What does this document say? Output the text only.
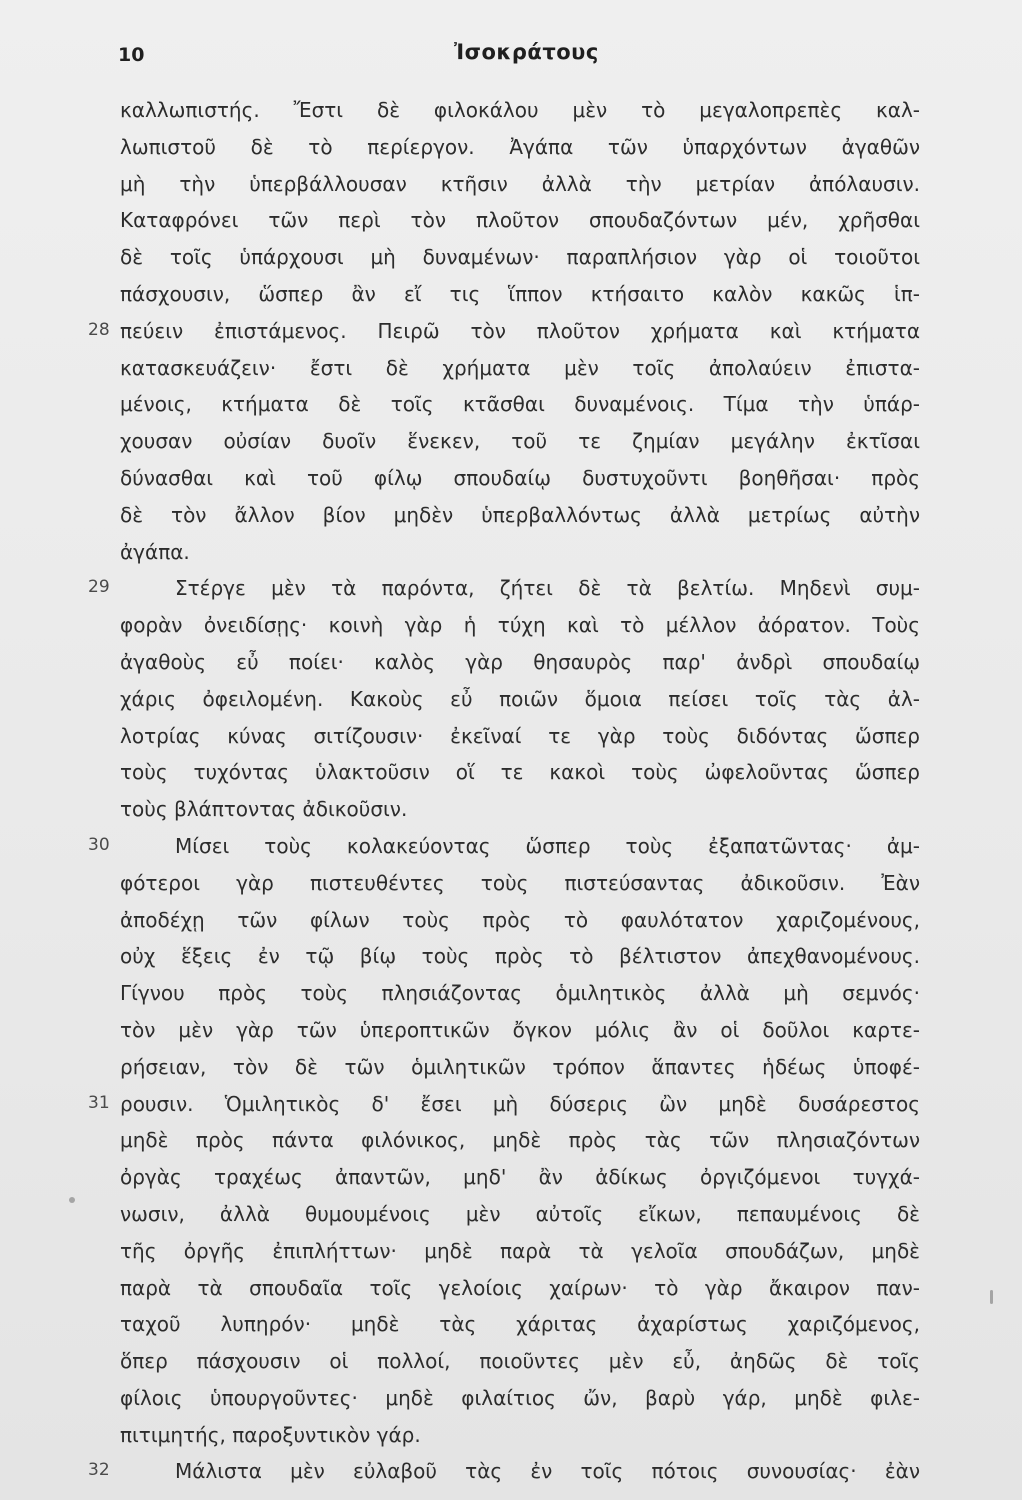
10	Ἰσοκράτους
καλλωπιστής. Ἔστι δὲ φιλοκάλου μὲν τὸ μεγαλοπρεπὲς καλ-
λωπιστοῦ δὲ τὸ περίεργον. Ἀγάπα τῶν ὑπαρχόντων ἀγαθῶν
μὴ τὴν ὑπερβάλλουσαν κτῆσιν ἀλλὰ τὴν μετρίαν ἀπόλαυσιν.
Καταφρόνει τῶν περὶ τὸν πλοῦτον σπουδαζόντων μέν, χρῆσθαι
δὲ τοῖς ὑπάρχουσι μὴ δυναμένων· παραπλήσιον γὰρ οἱ τοιοῦτοι
πάσχουσιν, ὥσπερ ἂν εἴ τις ἵππον κτήσαιτο καλὸν κακῶς ἱπ-
28 πεύειν ἐπιστάμενος. Πειρῶ τὸν πλοῦτον χρήματα καὶ κτήματα
κατασκευάζειν· ἔστι δὲ χρήματα μὲν τοῖς ἀπολαύειν ἐπιστα-
μένοις, κτήματα δὲ τοῖς κτᾶσθαι δυναμένοις. Τίμα τὴν ὑπάρ-
χουσαν οὐσίαν δυοῖν ἕνεκεν, τοῦ τε ζημίαν μεγάλην ἐκτῖσαι
δύνασθαι καὶ τοῦ φίλῳ σπουδαίῳ δυστυχοῦντι βοηθῆσαι· πρὸς
δὲ τὸν ἄλλον βίον μηδὲν ὑπερβαλλόντως ἀλλὰ μετρίως αὐτὴν
ἀγάπα.
29	Στέργε μὲν τὰ παρόντα, ζήτει δὲ τὰ βελτίω. Μηδενὶ συμ-
φορὰν ὀνειδίσῃς· κοινὴ γὰρ ἡ τύχη καὶ τὸ μέλλον ἀόρατον. Τοὺς
ἀγαθοὺς εὖ ποίει· καλὸς γὰρ θησαυρὸς παρ' ἀνδρὶ σπουδαίῳ
χάρις ὀφειλομένη. Κακοὺς εὖ ποιῶν ὅμοια πείσει τοῖς τὰς ἀλ-
λοτρίας κύνας σιτίζουσιν· ἐκεῖναί τε γὰρ τοὺς διδόντας ὥσπερ
τοὺς τυχόντας ὑλακτοῦσιν οἵ τε κακοὶ τοὺς ὠφελοῦντας ὥσπερ
τοὺς βλάπτοντας ἀδικοῦσιν.
30	Μίσει τοὺς κολακεύοντας ὥσπερ τοὺς ἐξαπατῶντας· ἀμ-
φότεροι γὰρ πιστευθέντες τοὺς πιστεύσαντας ἀδικοῦσιν. Ἐὰν
ἀποδέχῃ τῶν φίλων τοὺς πρὸς τὸ φαυλότατον χαριζομένους,
οὐχ ἕξεις ἐν τῷ βίῳ τοὺς πρὸς τὸ βέλτιστον ἀπεχθανομένους.
Γίγνου πρὸς τοὺς πλησιάζοντας ὁμιλητικὸς ἀλλὰ μὴ σεμνός·
τὸν μὲν γὰρ τῶν ὑπεροπτικῶν ὄγκον μόλις ἂν οἱ δοῦλοι καρτε-
ρήσειαν, τὸν δὲ τῶν ὁμιλητικῶν τρόπον ἅπαντες ἡδέως ὑποφέ-
31 ρουσιν. Ὁμιλητικὸς δ' ἔσει μὴ δύσερις ὢν μηδὲ δυσάρεστος
μηδὲ πρὸς πάντα φιλόνικος, μηδὲ πρὸς τὰς τῶν πλησιαζόντων
ὀργὰς τραχέως ἀπαντῶν, μηδ' ἂν ἀδίκως ὀργιζόμενοι τυγχά-
νωσιν, ἀλλὰ θυμουμένοις μὲν αὐτοῖς εἴκων, πεπαυμένοις δὲ
τῆς ὀργῆς ἐπιπλήττων· μηδὲ παρὰ τὰ γελοῖα σπουδάζων, μηδὲ
παρὰ τὰ σπουδαῖα τοῖς γελοίοις χαίρων· τὸ γὰρ ἄκαιρον παν-
ταχοῦ λυπηρόν· μηδὲ τὰς χάριτας ἀχαρίστως χαριζόμενος,
ὅπερ πάσχουσιν οἱ πολλοί, ποιοῦντες μὲν εὖ, ἀηδῶς δὲ τοῖς
φίλοις ὑπουργοῦντες· μηδὲ φιλαίτιος ὤν, βαρὺ γάρ, μηδὲ φιλε-
πιτιμητής, παροξυντικὸν γάρ.
32	Μάλιστα μὲν εὐλαβοῦ τὰς ἐν τοῖς πότοις συνουσίας· ἐὰν
